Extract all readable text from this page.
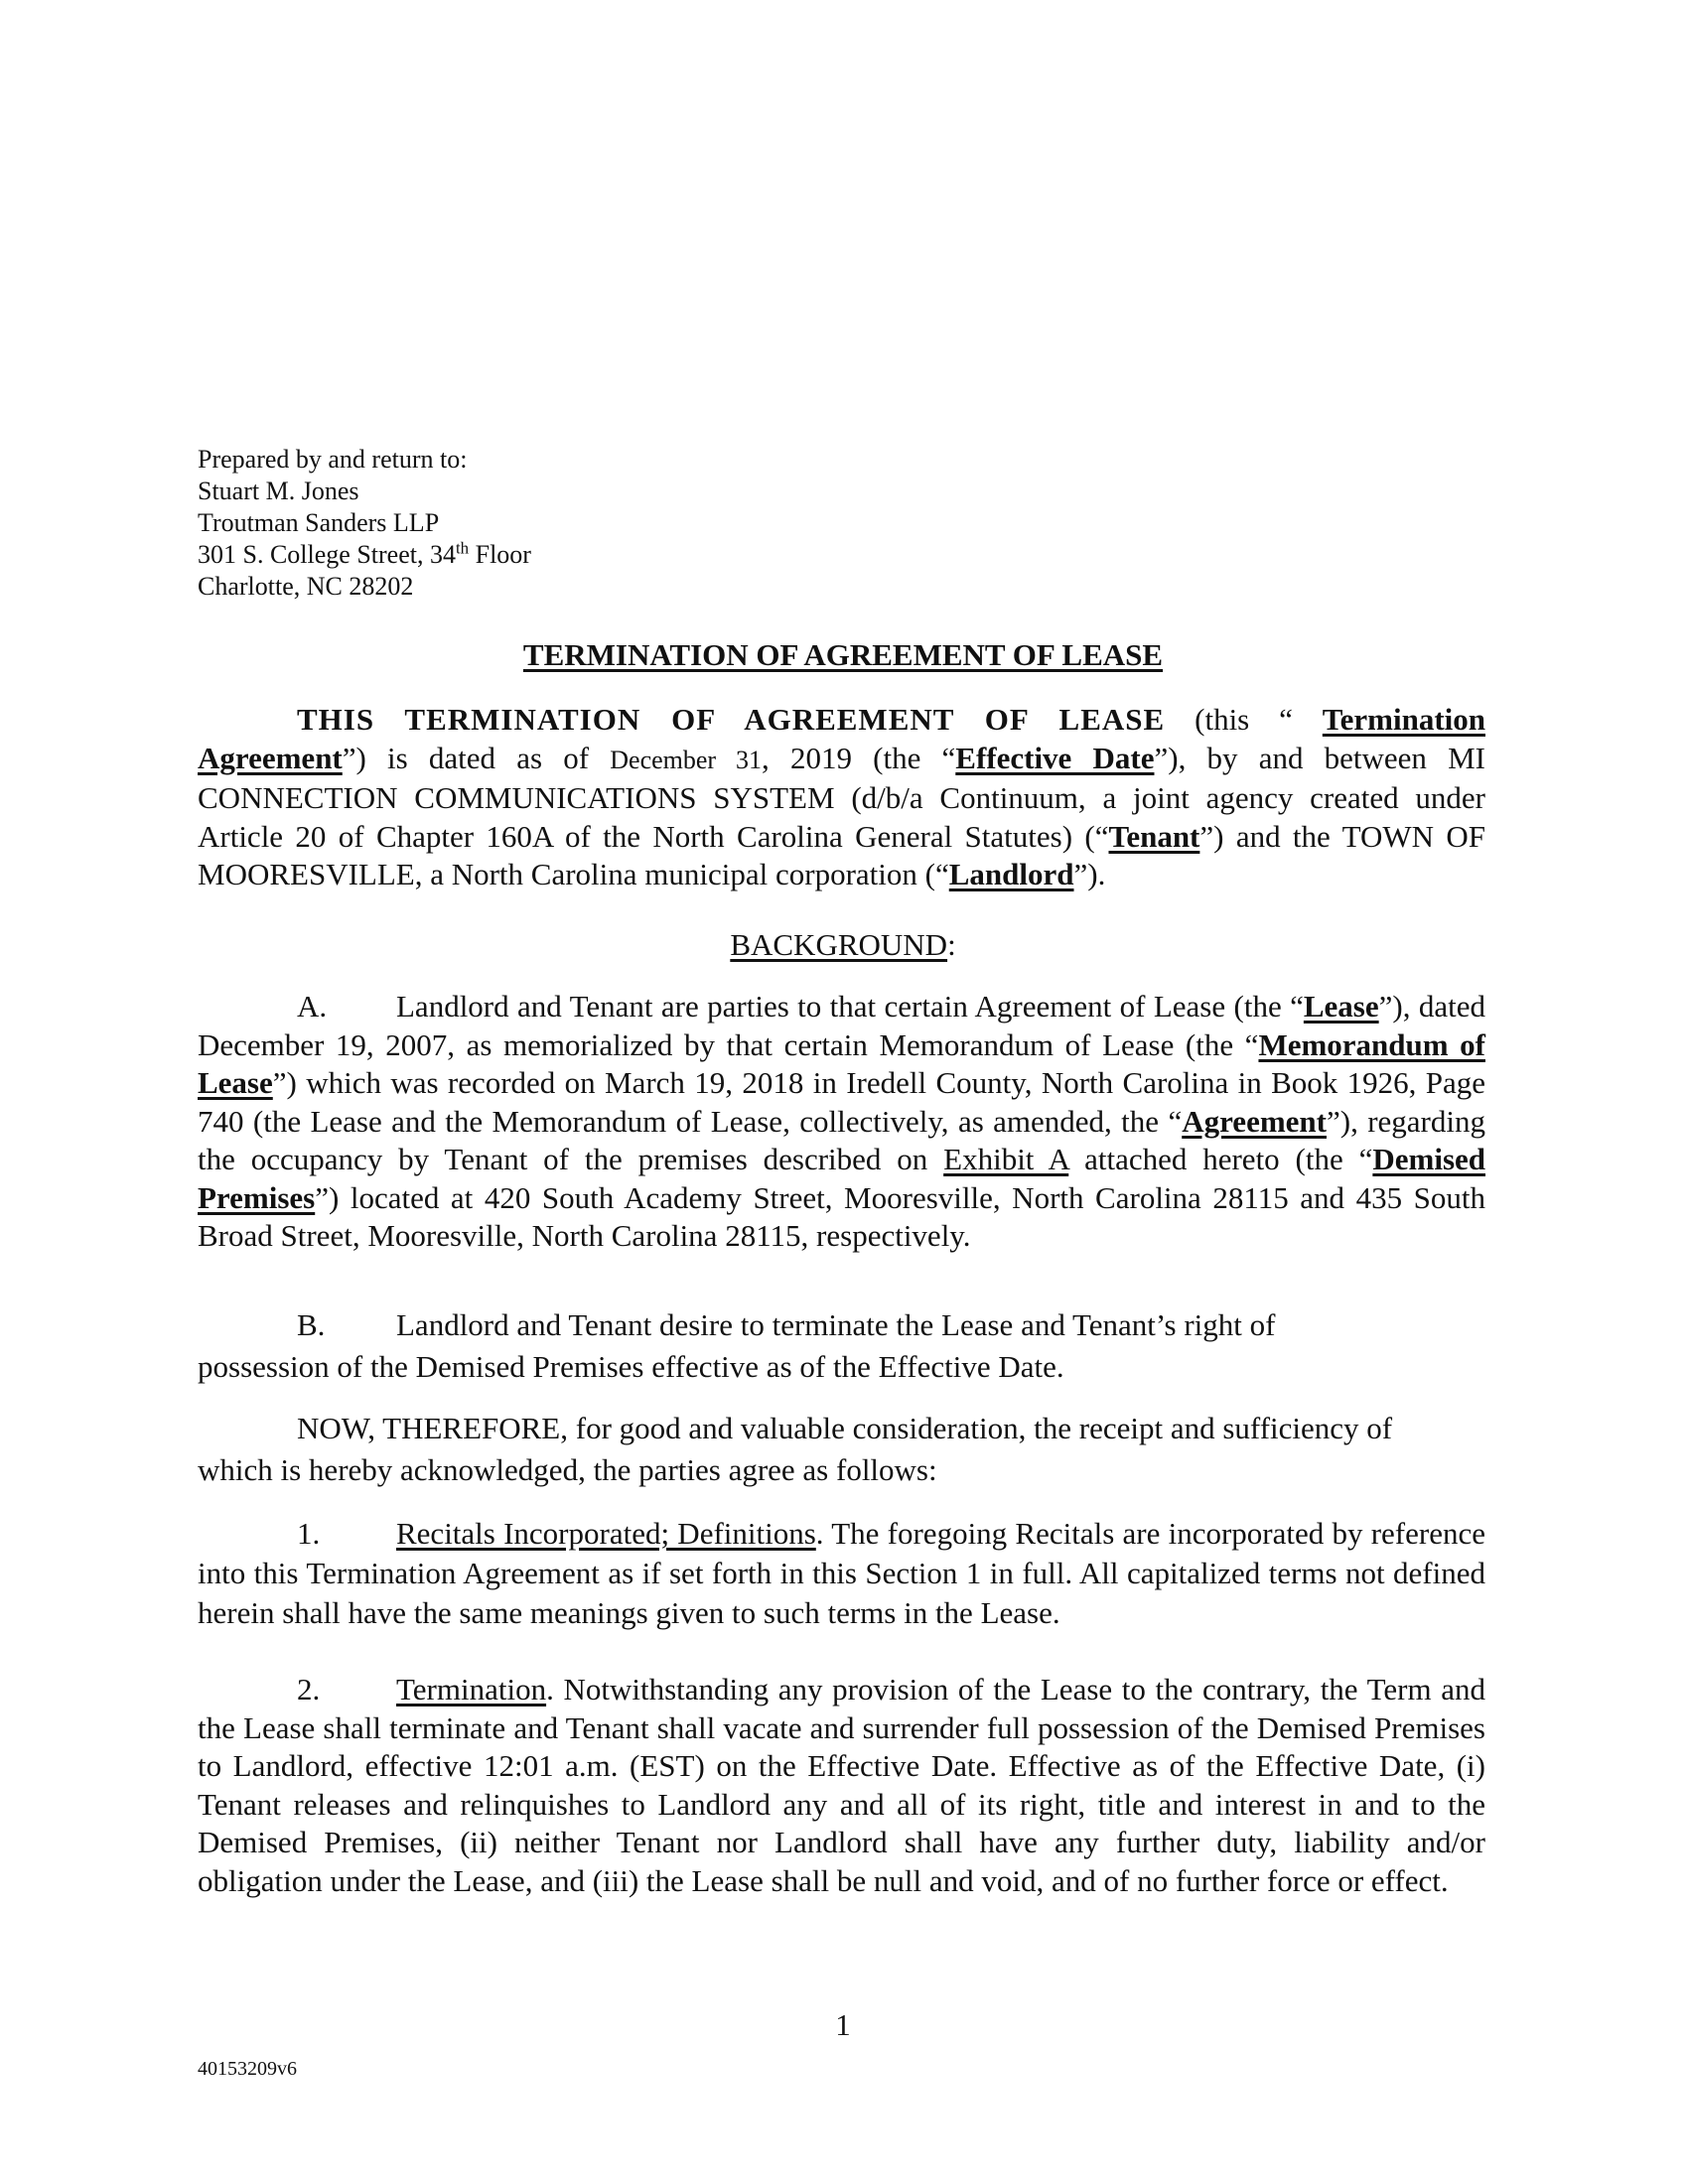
Prepared by and return to:
Stuart M. Jones
Troutman Sanders LLP
301 S. College Street, 34th Floor
Charlotte, NC 28202
TERMINATION OF AGREEMENT OF LEASE
THIS TERMINATION OF AGREEMENT OF LEASE (this “ Termination Agreement”) is dated as of December 31, 2019 (the “Effective Date”), by and between MI CONNECTION COMMUNICATIONS SYSTEM (d/b/a Continuum, a joint agency created under Article 20 of Chapter 160A of the North Carolina General Statutes) (“Tenant”) and the TOWN OF MOORESVILLE, a North Carolina municipal corporation (“Landlord”).
BACKGROUND:
A. Landlord and Tenant are parties to that certain Agreement of Lease (the “Lease”), dated December 19, 2007, as memorialized by that certain Memorandum of Lease (the “Memorandum of Lease”) which was recorded on March 19, 2018 in Iredell County, North Carolina in Book 1926, Page 740 (the Lease and the Memorandum of Lease, collectively, as amended, the “Agreement”), regarding the occupancy by Tenant of the premises described on Exhibit A attached hereto (the “Demised Premises”) located at 420 South Academy Street, Mooresville, North Carolina 28115 and 435 South Broad Street, Mooresville, North Carolina 28115, respectively.
B. Landlord and Tenant desire to terminate the Lease and Tenant’s right of
possession of the Demised Premises effective as of the Effective Date.
NOW, THEREFORE, for good and valuable consideration, the receipt and sufficiency of
which is hereby acknowledged, the parties agree as follows:
1. Recitals Incorporated; Definitions. The foregoing Recitals are incorporated by reference into this Termination Agreement as if set forth in this Section 1 in full. All capitalized terms not defined herein shall have the same meanings given to such terms in the Lease.
2. Termination. Notwithstanding any provision of the Lease to the contrary, the Term and the Lease shall terminate and Tenant shall vacate and surrender full possession of the Demised Premises to Landlord, effective 12:01 a.m. (EST) on the Effective Date. Effective as of the Effective Date, (i) Tenant releases and relinquishes to Landlord any and all of its right, title and interest in and to the Demised Premises, (ii) neither Tenant nor Landlord shall have any further duty, liability and/or obligation under the Lease, and (iii) the Lease shall be null and void, and of no further force or effect.
1
40153209v6
